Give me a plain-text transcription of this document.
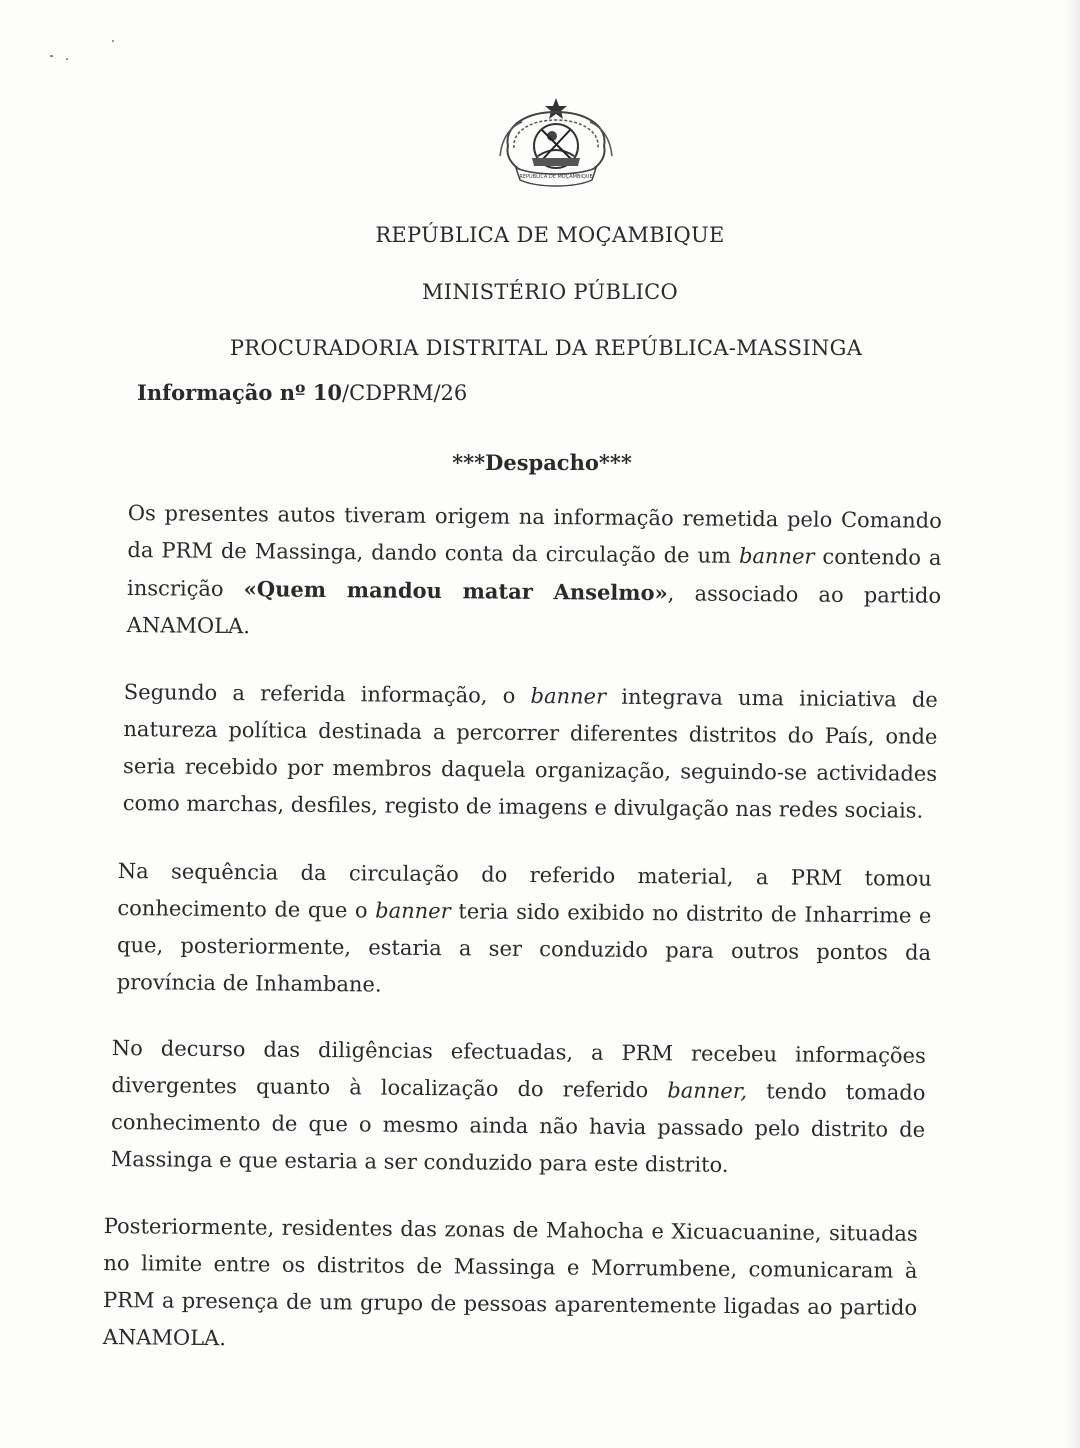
REPÚBLICA DE MOÇAMBIQUE
REPÚBLICA DE MOÇAMBIQUE
MINISTÉRIO PÚBLICO
PROCURADORIA DISTRITAL DA REPÚBLICA-MASSINGA
Informação nº 10/CDPRM/26
***Despacho***

Os presentes autos tiveram origem na informação remetida pelo Comando da PRM de Massinga, dando conta da circulação de um banner contendo a inscrição «Quem mandou matar Anselmo», associado ao partido ANAMOLA.

Segundo a referida informação, o banner integrava uma iniciativa de natureza política destinada a percorrer diferentes distritos do País, onde seria recebido por membros daquela organização, seguindo-se actividades como marchas, desfiles, registo de imagens e divulgação nas redes sociais.

Na sequência da circulação do referido material, a PRM tomou conhecimento de que o banner teria sido exibido no distrito de Inharrime e que, posteriormente, estaria a ser conduzido para outros pontos da província de Inhambane.

No decurso das diligências efectuadas, a PRM recebeu informações divergentes quanto à localização do referido banner, tendo tomado conhecimento de que o mesmo ainda não havia passado pelo distrito de Massinga e que estaria a ser conduzido para este distrito.

Posteriormente, residentes das zonas de Mahocha e Xicuacuanine, situadas no limite entre os distritos de Massinga e Morrumbene, comunicaram à PRM a presença de um grupo de pessoas aparentemente ligadas ao partido ANAMOLA.
